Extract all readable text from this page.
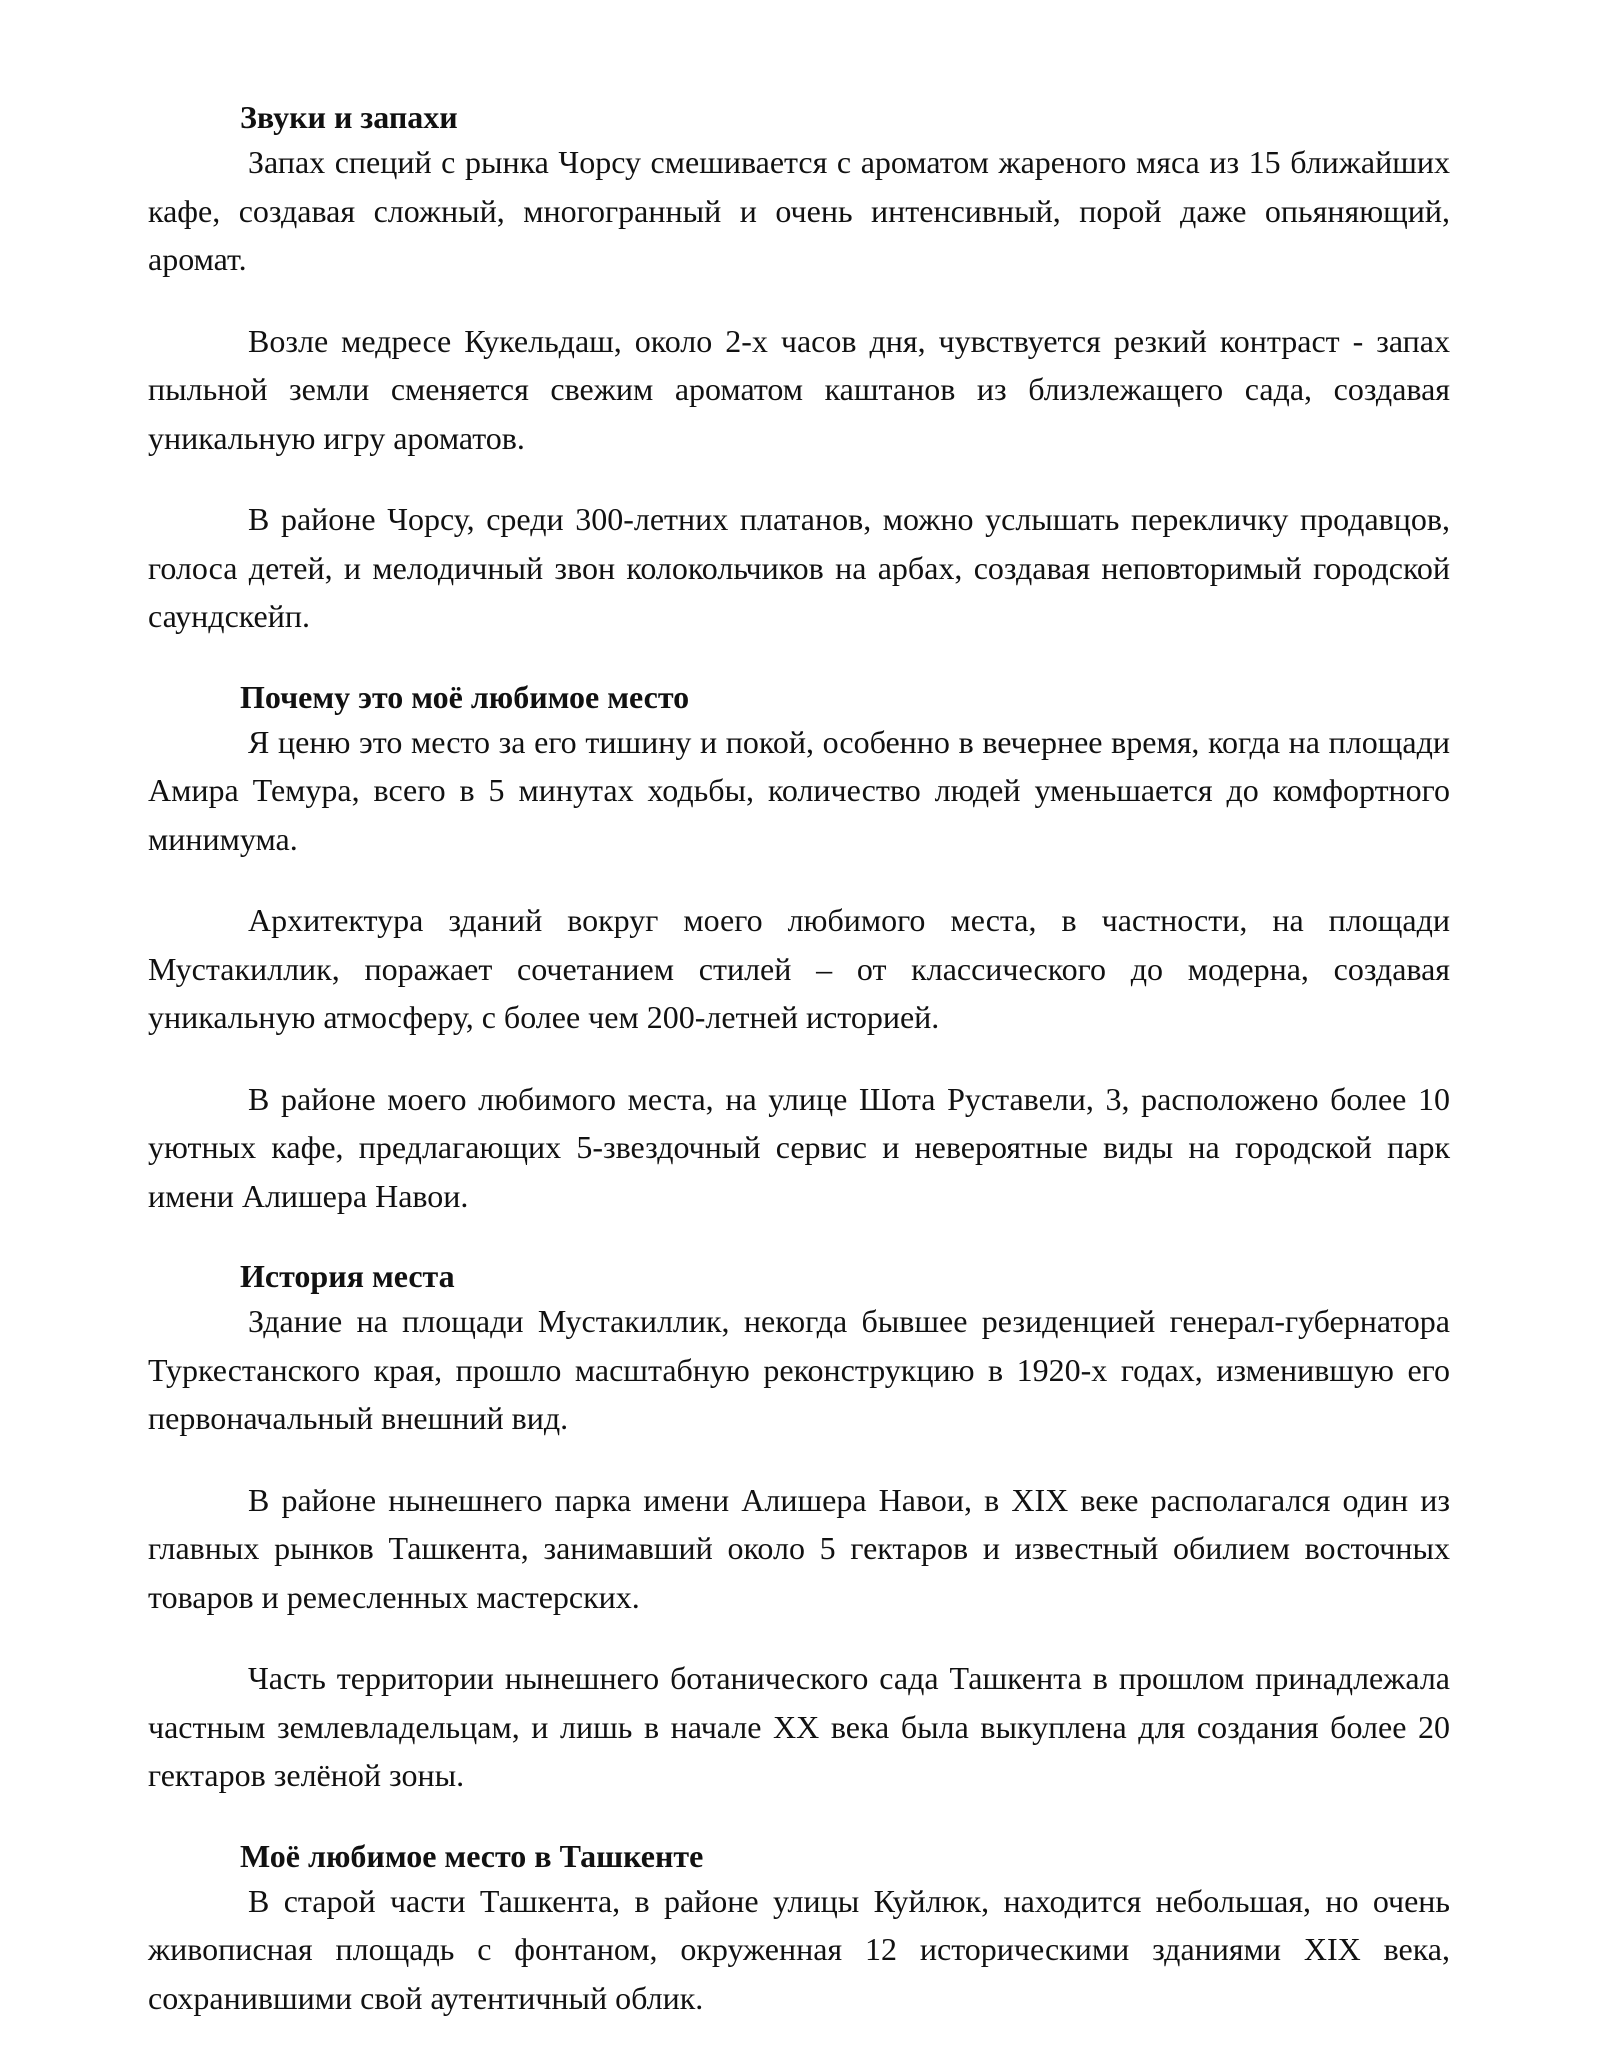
Звуки и запахи

Запах специй с рынка Чорсу смешивается с ароматом жареного мяса из 15 ближайших кафе, создавая сложный, многогранный и очень интенсивный, порой даже опьяняющий, аромат.

Возле медресе Кукельдаш, около 2-х часов дня, чувствуется резкий контраст - запах пыльной земли сменяется свежим ароматом каштанов из близлежащего сада, создавая уникальную игру ароматов.

В районе Чорсу, среди 300-летних платанов, можно услышать перекличку продавцов, голоса детей, и мелодичный звон колокольчиков на арбах, создавая неповторимый городской саундскейп.

Почему это моё любимое место

Я ценю это место за его тишину и покой, особенно в вечернее время, когда на площади Амира Темура, всего в 5 минутах ходьбы, количество людей уменьшается до комфортного минимума.

Архитектура зданий вокруг моего любимого места, в частности, на площади Мустакиллик, поражает сочетанием стилей – от классического до модерна, создавая уникальную атмосферу, с более чем 200-летней историей.

В районе моего любимого места, на улице Шота Руставели, 3, расположено более 10 уютных кафе, предлагающих 5-звездочный сервис и невероятные виды на городской парк имени Алишера Навои.

История места

Здание на площади Мустакиллик, некогда бывшее резиденцией генерал-губернатора Туркестанского края, прошло масштабную реконструкцию в 1920-х годах, изменившую его первоначальный внешний вид.

В районе нынешнего парка имени Алишера Навои, в XIX веке располагался один из главных рынков Ташкента, занимавший около 5 гектаров и известный обилием восточных товаров и ремесленных мастерских.

Часть территории нынешнего ботанического сада Ташкента в прошлом принадлежала частным землевладельцам, и лишь в начале XX века была выкуплена для создания более 20 гектаров зелёной зоны.

Моё любимое место в Ташкенте

В старой части Ташкента, в районе улицы Куйлюк, находится небольшая, но очень живописная площадь с фонтаном, окруженная 12 историческими зданиями XIX века, сохранившими свой аутентичный облик.
